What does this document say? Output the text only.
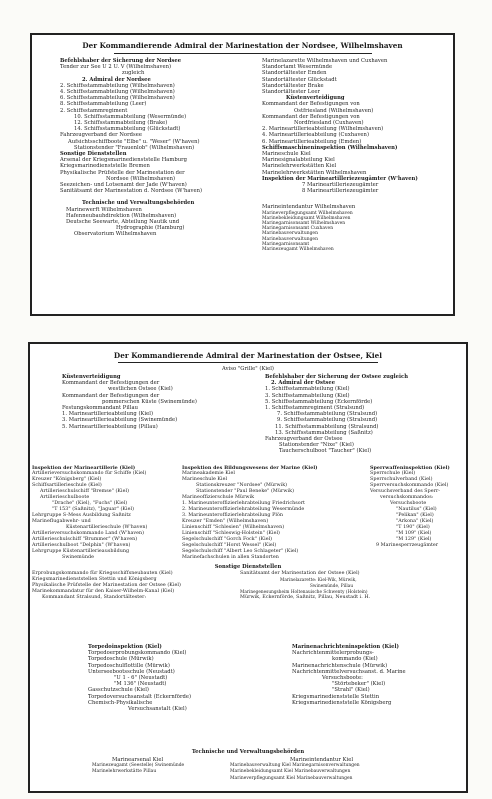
Der Kommandierende Admiral der Marinestation der Nordsee, Wilhelmshaven
Befehlshaber der Sicherung der Nordsee
Tender zur See U 2 U. V (Wilhelmshaven)
zugleich
2. Admiral der Nordsee
2. Schiffsstammabteilung (Wilhelmshaven)
4. Schiffsstammabteilung (Wilhelmshaven)
6. Schiffsstammabteilung (Wilhelmshaven)
8. Schiffsstammabteilung (Leer)
2. Schiffsstammregiment
10. Schiffsstammabteilung (Wesermünde)
12. Schiffsstammabteilung (Brake)
14. Schiffsstammabteilung (Glückstadt)
Fahrzeugverband der Nordsee
Aufsichtsschiffboote "Elbe" u. "Weser" (W'haven)
Stationstender "Frauenlob" (Wilhelmshaven)
Sonstige Dienststellen
Arsenal der Kriegsmarinedienststelle Hamburg
Kriegsmarinedienststelle Bremen
Physikalische Prüfstelle der Marinestation der
Nordsee (Wilhelmshaven)
Seezeichen- und Lotsenamt der Jade (W'haven)
Sanitätsamt der Marinestation d. Nordsee (W'haven)
Technische und Verwaltungsbehörden
Marinewerft Wilhelmshaven
Hafenneubauhdirektion (Wilhelmshaven)
Deutsche Seewarte, Abteilung Nautik und
Hydrographie (Hamburg)
Observatorium Wilhelmshaven
Marinelazarette Wilhelmshaven und Cuxhaven
Standortamt Wesermünde
Standortältester Emden
Standortältester Glückstadt
Standortältester Brake
Standortältester Leer
Küstenverteidigung
Kommandant der Befestigungen von
Ostfriesland (Wilhelmshaven)
Kommandant der Befestigungen von
Nordfriesland (Cuxhaven)
2. Marineartillerieabteilung (Wilhelmshaven)
4. Marineartillerieabteilung (Cuxhaven)
6. Marineartillerieabteilung (Emden)
Schiffsmaschineninspektion (Wilhelmshaven)
Marineschule Kiel
Marinesignalabteilung Kiel
Marinelehrwerkstätten Kiel
Marinelehrwerkstätten Wilhelmshaven
Inspektion der Marineartilleriezeugämter (W'haven)
7 Marineartilleriezeugämter
8 Marineartilleriezeugämter
Marineintendantur Wilhelmshaven
Marineverpflegungsamt Wilhelmshaven
Marinebekleidungsamt Wilhelmshaven
Marinegarnisonsamt Wilhelmshaven
Marinegarnisonsamt Cuxhaven
Marinebauverwaltungen
Marinebauverwaltungen
Marinegarnisonsamt
Marinezeugamt Wilhelmshaven
Der Kommandierende Admiral der Marinestation der Ostsee, Kiel
Aviso "Grille" (Kiel)
Küstenverteidigung
Kommandant der Befestigungen der
westlichen Ostsee (Kiel)
Kommandant der Befestigungen der
pommerschen Küste (Swinemünde)
Festungskommandant Pillau
1. Marineartillerieabteilung (Kiel)
3. Marineartillerieabteilung (Swinemünde)
5. Marineartillerieabteilung (Pillau)
Befehlshaber der Sicherung der Ostsee zugleich
2. Admiral der Ostsee
1. Schiffsstammabteilung (Kiel)
3. Schiffsstammabteilung (Kiel)
5. Schiffsstammabteilung (Eckernförde)
1. Schiffsstammregiment (Stralsund)
7. Schiffsstammabteilung (Stralsund)
9. Schiffsstammabteilung (Stralsund)
11. Schiffsstammabteilung (Stralsund)
13. Schiffsstammabteilung (Saßnitz)
Fahrzeugverband der Ostsee
Stationstender "Nixe" (Kiel)
Taucherschulboot "Taucher" (Kiel)
Inspektion der Marineartillerie (Kiel)
Artillerieversuchskommando für Schiffe (Kiel)
Kreuzer "Königsberg" (Kiel)
Schiffsartillerieschule (Kiel)
Artillerieschulschiff "Bremse" (Kiel)
Artillerieschulboote
"Drache" (Kiel), "Fuchs" (Kiel)
"T 153" (Saßnitz), "Jaguar" (Kiel)
Lehrgruppe S-Mess Ausbildung Saßnitz
Marineflugabwehr- und
Küstenartillerieschule (W'haven)
Artillerieversuchskommando Land (W'haven)
Artillerieschulschiff "Brummer" (W'haven)
Artillerieschulboot "Delphin" (W'haven)
Lehrgruppe Küstenartillerieausbildung
Swinemünde
Inspektion des Bildungswesens der Marine (Kiel)
Marineakademie Kiel
Marineschule Kiel
Stationskreuzer "Nordsee" (Mürwik)
Stationstender "Paul Beneke" (Mürwik)
Marineoffizierschule Mürwik
1. Marineunteroffizierlehrabteilung Friedrichsort
2. Marineunteroffizierlehrabteilung Wesermünde
3. Marineunteroffizierlehrabteilung Plön
Kreuzer "Emden" (Wilhelmshaven)
Linienschiff "Schlesien" (Wilhelmshaven)
Linienschiff "Schleswig-Holstein" (Kiel)
Segelschulschiff "Gorch Fock" (Kiel)
Segelschulschiff "Horst Wessel" (Kiel)
Segelschulschiff "Albert Leo Schlageter" (Kiel)
Marinefachschulen in allen Standorten
Sperrwaffeninspektion (Kiel)
Sperrschule (Kiel)
Sperrschulverband (Kiel)
Sperrversuchskommando (Kiel)
Versuchsverband des Sperr-
versuchskommandos:
Versuchsboote
"Nautilus" (Kiel)
"Pelikan" (Kiel)
"Arkona" (Kiel)
"T 190" (Kiel)
"M 109" (Kiel)
"M 129" (Kiel)
9 Marinesperrzeugämter
Sonstige Dienststellen
Erprobungskommando für Kriegsschiffsneubauten (Kiel)
Kriegsmarinedienststellen Stettin und Königsberg
Physikalische Prüfstelle der Marinestation der Ostsee (Kiel)
Marinekommandatur für den Kaiser-Wilhelm-Kanal (Kiel)
Kommandant Stralsund, Standortältester:
Sanitätsamt der Marinestation der Ostsee (Kiel)
Marinelazarette: Kiel-Wik, Mürwik,
Swinemünde, Pillau
Marinegenesungsheim Holtenauische Schwenty (Holstein)
Mürwik, Eckernförde, Saßnitz, Pillau, Neustadt i. H.
Torpedoinspektion (Kiel)
Torpedoerprobungskommando (Kiel)
Torpedoschule (Mürwik)
Torpedoschulflottille (Mürwik)
Unterseebootsschule (Neustadt)
"U 1 - 6" (Neustadt)
"M 136" (Neustadt)
Gasschutzschule (Kiel)
Torpedoversuchsanstalt (Eckernförde)
Chemisch-Physikalische
Versuchsanstalt (Kiel)
Marinenachrichteninspektion (Kiel)
Nachrichtenmittelerprobungs-
kommando (Kiel)
Marinenachrichtenschule (Mürwik)
Nachrichtenmittelversuchsanst. d. Marine
Versuchsboote:
"Störtebeker" (Kiel)
"Strahl" (Kiel)
Kriegsmarinedienststelle Stettin
Kriegsmarinedienststelle Königsberg
Technische und Verwaltungsbehörden
Marinearsenal Kiel
Marinezeugamt (Seestelle) Swinemünde
Marinelehrwerkstätte Pillau
Marineintendantur Kiel
Marinebauverwaltung Kiel Marinegarnisonverwaltungen
Marinebekleidungsamt Kiel Marinebauverwaltungen
Marineverpflegungsamt Kiel Marinebauverwaltungen
